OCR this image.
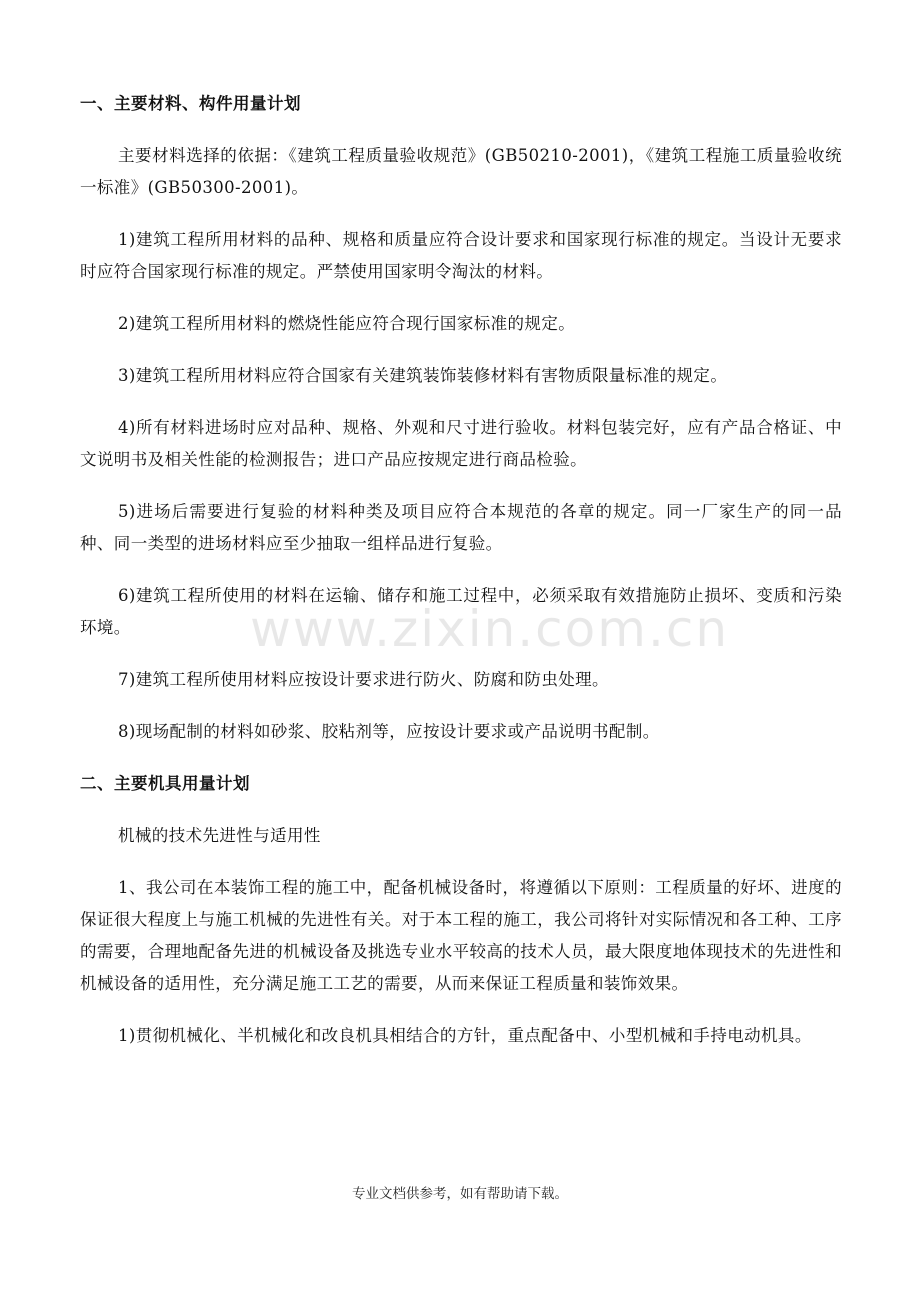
一、主要材料、构件用量计划

主要材料选择的依据：《建筑工程质量验收规范》(GB50210-2001)，《建筑工程施工质量验收统一标准》(GB50300-2001)。

1)建筑工程所用材料的品种、规格和质量应符合设计要求和国家现行标准的规定。当设计无要求时应符合国家现行标准的规定。严禁使用国家明令淘汰的材料。

2)建筑工程所用材料的燃烧性能应符合现行国家标准的规定。

3)建筑工程所用材料应符合国家有关建筑装饰装修材料有害物质限量标准的规定。

4)所有材料进场时应对品种、规格、外观和尺寸进行验收。材料包装完好，应有产品合格证、中文说明书及相关性能的检测报告；进口产品应按规定进行商品检验。

5)进场后需要进行复验的材料种类及项目应符合本规范的各章的规定。同一厂家生产的同一品种、同一类型的进场材料应至少抽取一组样品进行复验。

6)建筑工程所使用的材料在运输、储存和施工过程中，必须采取有效措施防止损坏、变质和污染环境。

7)建筑工程所使用材料应按设计要求进行防火、防腐和防虫处理。

8)现场配制的材料如砂浆、胶粘剂等，应按设计要求或产品说明书配制。

二、主要机具用量计划

机械的技术先进性与适用性

1、我公司在本装饰工程的施工中，配备机械设备时，将遵循以下原则：工程质量的好坏、进度的保证很大程度上与施工机械的先进性有关。对于本工程的施工，我公司将针对实际情况和各工种、工序的需要，合理地配备先进的机械设备及挑选专业水平较高的技术人员，最大限度地体现技术的先进性和机械设备的适用性，充分满足施工工艺的需要，从而来保证工程质量和装饰效果。

1)贯彻机械化、半机械化和改良机具相结合的方针，重点配备中、小型机械和手持电动机具。

www.zixin.com.cn
专业文档供参考，如有帮助请下载。
